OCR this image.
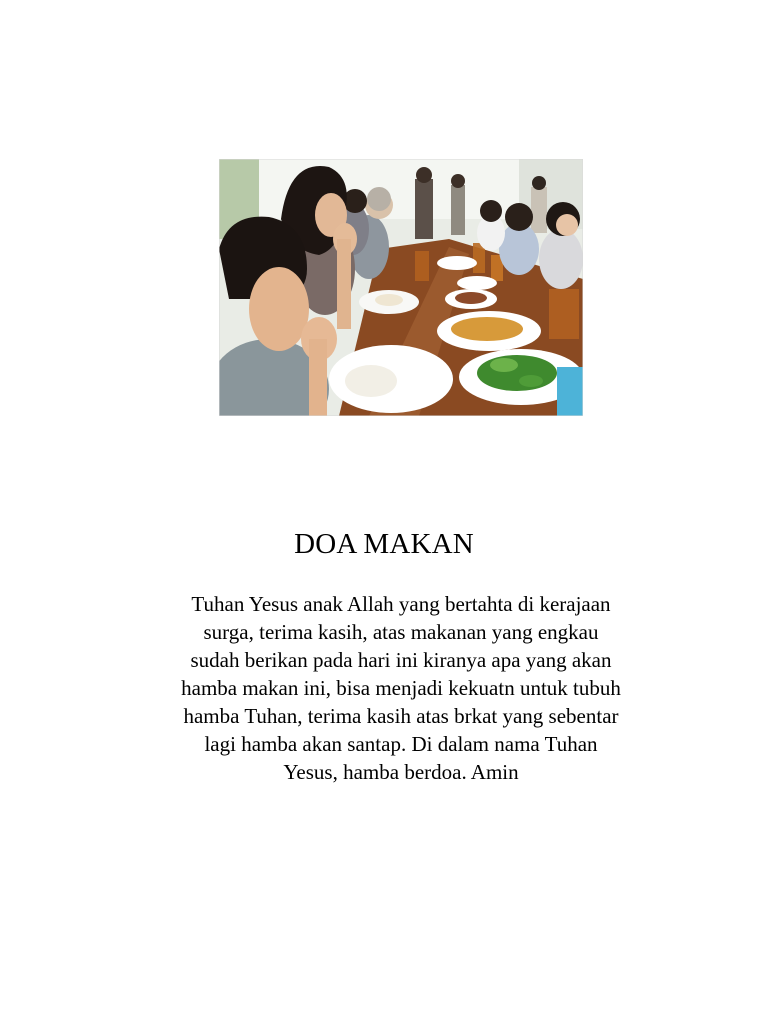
DOA MAKAN
Tuhan Yesus anak Allah yang bertahta di kerajaan
surga, terima kasih, atas makanan yang engkau
sudah berikan pada hari ini kiranya apa yang akan
hamba makan ini, bisa menjadi kekuatn untuk tubuh
hamba Tuhan, terima kasih atas brkat yang sebentar
lagi hamba akan santap. Di dalam nama Tuhan
Yesus, hamba berdoa. Amin
